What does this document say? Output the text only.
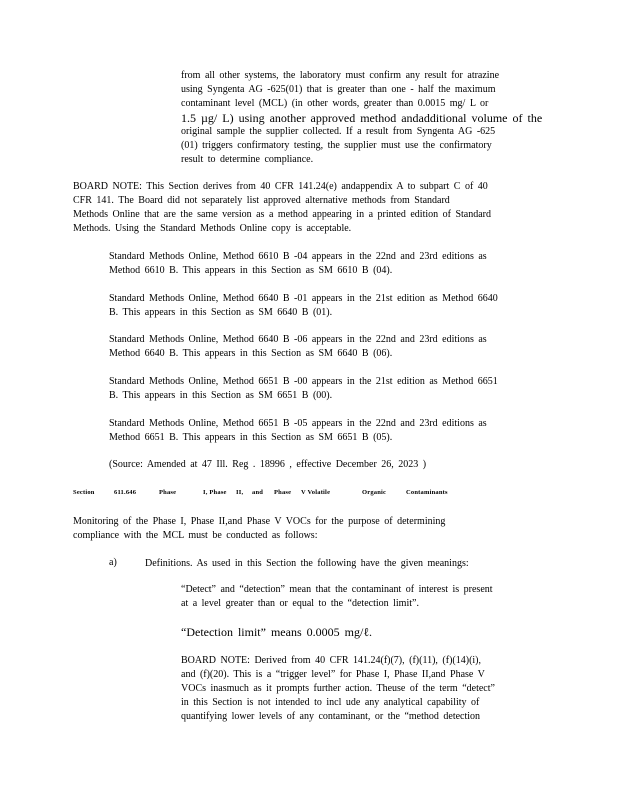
from all other systems, the laboratory must confirm any result for atrazine
using Syngenta AG -625(01) that is greater than one - half the maximum
contaminant level (MCL) (in other words, greater than 0.0015 mg/ L or
1.5 µg/ L) using another approved method andadditional volume of the
original sample the supplier collected. If a result from Syngenta AG -625
(01) triggers confirmatory testing, the supplier must use the confirmatory
result to determine compliance.
BOARD NOTE: This Section derives from 40 CFR 141.24(e) andappendix A to subpart C of 40
CFR 141. The Board did not separately list approved alternative methods from Standard
Methods Online that are the same version as a method appearing in a printed edition of Standard
Methods. Using the Standard Methods Online copy is acceptable.
Standard Methods Online, Method 6610 B -04 appears in the 22nd and 23rd editions as
Method 6610 B. This appears in this Section as SM 6610 B (04).
Standard Methods Online, Method 6640 B -01 appears in the 21st edition as Method 6640
B. This appears in this Section as SM 6640 B (01).
Standard Methods Online, Method 6640 B -06 appears in the 22nd and 23rd editions as
Method 6640 B. This appears in this Section as SM 6640 B (06).
Standard Methods Online, Method 6651 B -00 appears in the 21st edition as Method 6651
B. This appears in this Section as SM 6651 B (00).
Standard Methods Online, Method 6651 B -05 appears in the 22nd and 23rd editions as
Method 6651 B. This appears in this Section as SM 6651 B (05).
(Source: Amended at 47 Ill. Reg . 18996 , effective December 26, 2023 )
Section	611.646	Phase	I, Phase II, and Phase V Volatile	Organic	Contaminants
Monitoring of the Phase I, Phase II,and Phase V VOCs for the purpose of determining
compliance with the MCL must be conducted as follows:
a)	Definitions. As used in this Section the following have the given meanings:
“Detect” and “detection” mean that the contaminant of interest is present
at a level greater than or equal to the “detection limit”.
“Detection limit” means 0.0005 mg/ℓ.
BOARD NOTE: Derived from 40 CFR 141.24(f)(7), (f)(11), (f)(14)(i),
and (f)(20). This is a “trigger level” for Phase I, Phase II,and Phase V
VOCs inasmuch as it prompts further action. Theuse of the term “detect”
in this Section is not intended to incl ude any analytical capability of
quantifying lower levels of any contaminant, or the “method detection
